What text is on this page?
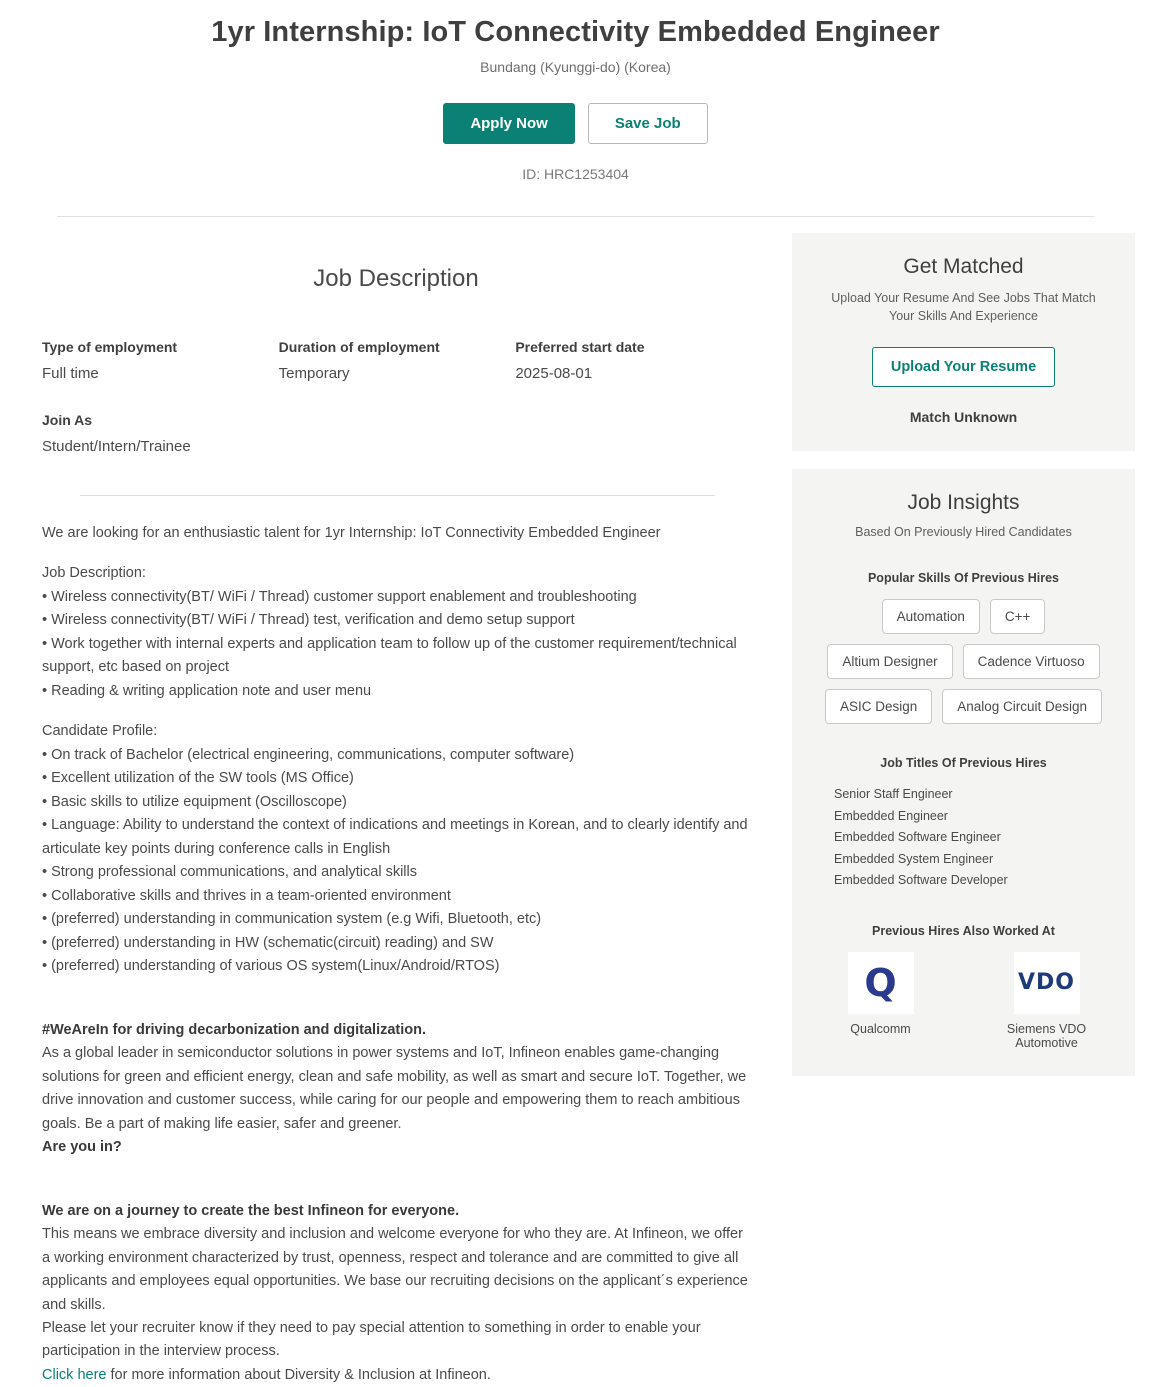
1yr Internship: IoT Connectivity Embedded Engineer
Bundang (Kyunggi-do) (Korea)
Apply Now	Save Job
ID: HRC1253404
Job Description
Type of employment
Full time
Duration of employment
Temporary
Preferred start date
2025-08-01
Join As
Student/Intern/Trainee

We are looking for an enthusiastic talent for 1yr Internship: IoT Connectivity Embedded Engineer

Job Description:

• Wireless connectivity(BT/ WiFi / Thread) customer support enablement and troubleshooting

• Wireless connectivity(BT/ WiFi / Thread) test, verification and demo setup support

• Work together with internal experts and application team to follow up of the customer requirement/technical support, etc based on project

• Reading & writing application note and user menu

Candidate Profile:

• On track of Bachelor (electrical engineering, communications, computer software)

• Excellent utilization of the SW tools (MS Office)

• Basic skills to utilize equipment (Oscilloscope)

• Language: Ability to understand the context of indications and meetings in Korean, and to clearly identify and articulate key points during conference calls in English

• Strong professional communications, and analytical skills

• Collaborative skills and thrives in a team-oriented environment

• (preferred) understanding in communication system (e.g Wifi, Bluetooth, etc)

• (preferred) understanding in HW (schematic(circuit) reading) and SW

• (preferred) understanding of various OS system(Linux/Android/RTOS)

#WeAreIn for driving decarbonization and digitalization.

As a global leader in semiconductor solutions in power systems and IoT, Infineon enables game-changing solutions for green and efficient energy, clean and safe mobility, as well as smart and secure IoT. Together, we drive innovation and customer success, while caring for our people and empowering them to reach ambitious goals. Be a part of making life easier, safer and greener.

Are you in?

We are on a journey to create the best Infineon for everyone.

This means we embrace diversity and inclusion and welcome everyone for who they are. At Infineon, we offer a working environment characterized by trust, openness, respect and tolerance and are committed to give all applicants and employees equal opportunities. We base our recruiting decisions on the applicant´s experience and skills.

Please let your recruiter know if they need to pay special attention to something in order to enable your participation in the interview process.

Click here for more information about Diversity & Inclusion at Infineon.

Get Matched
Upload Your Resume And See Jobs That Match Your Skills And Experience
Upload Your Resume
Match Unknown
Job Insights
Based On Previously Hired Candidates
Popular Skills Of Previous Hires
Automation	C++
Altium Designer	Cadence Virtuoso
ASIC Design	Analog Circuit Design
Job Titles Of Previous Hires
Senior Staff Engineer
Embedded Engineer
Embedded Software Engineer
Embedded System Engineer
Embedded Software Developer
Previous Hires Also Worked At
Q
Qualcomm
VDO
Siemens VDO Automotive
